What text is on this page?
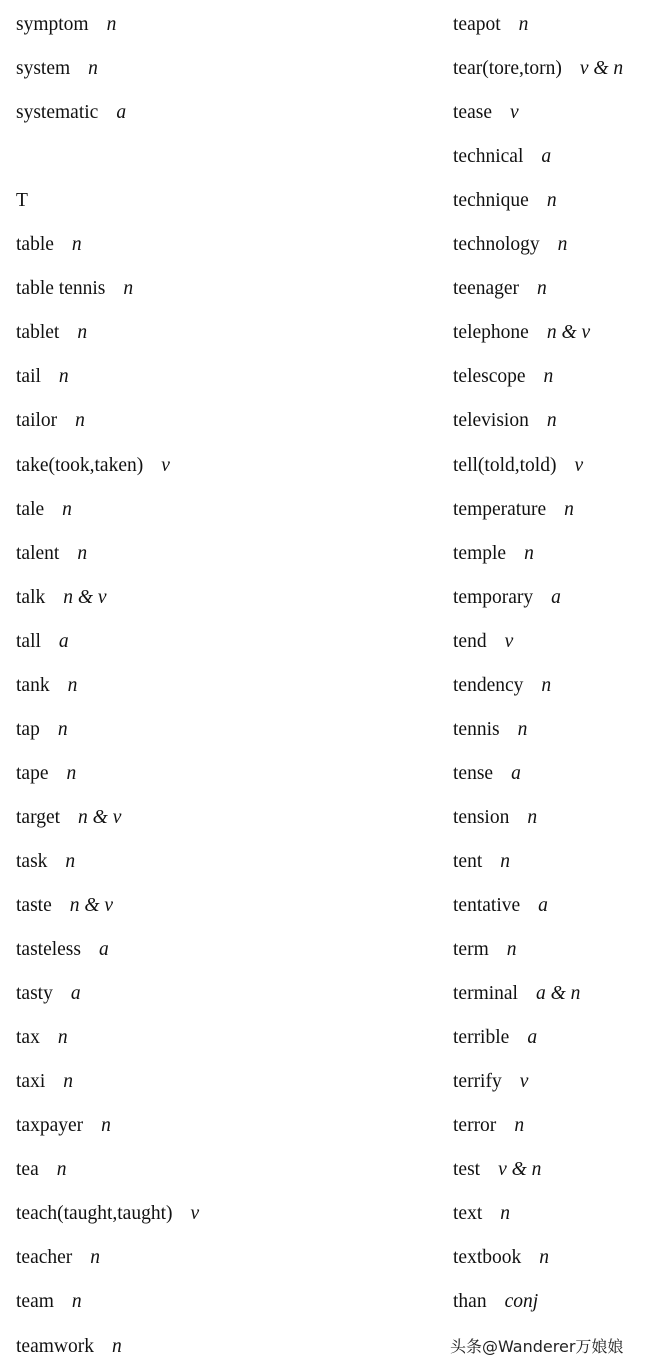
symptom n
system n
systematic a
T
table n
table tennis n
tablet n
tail n
tailor n
take(took,taken) v
tale n
talent n
talk n & v
tall a
tank n
tap n
tape n
target n & v
task n
taste n & v
tasteless a
tasty a
tax n
taxi n
taxpayer n
tea n
teach(taught,taught) v
teacher n
team n
teamwork n
teapot n
tear(tore,torn) v & n
tease v
technical a
technique n
technology n
teenager n
telephone n & v
telescope n
television n
tell(told,told) v
temperature n
temple n
temporary a
tend v
tendency n
tennis n
tense a
tension n
tent n
tentative a
term n
terminal a & n
terrible a
terrify v
terror n
test v & n
text n
textbook n
than conj
头条@Wanderer万娘娘
